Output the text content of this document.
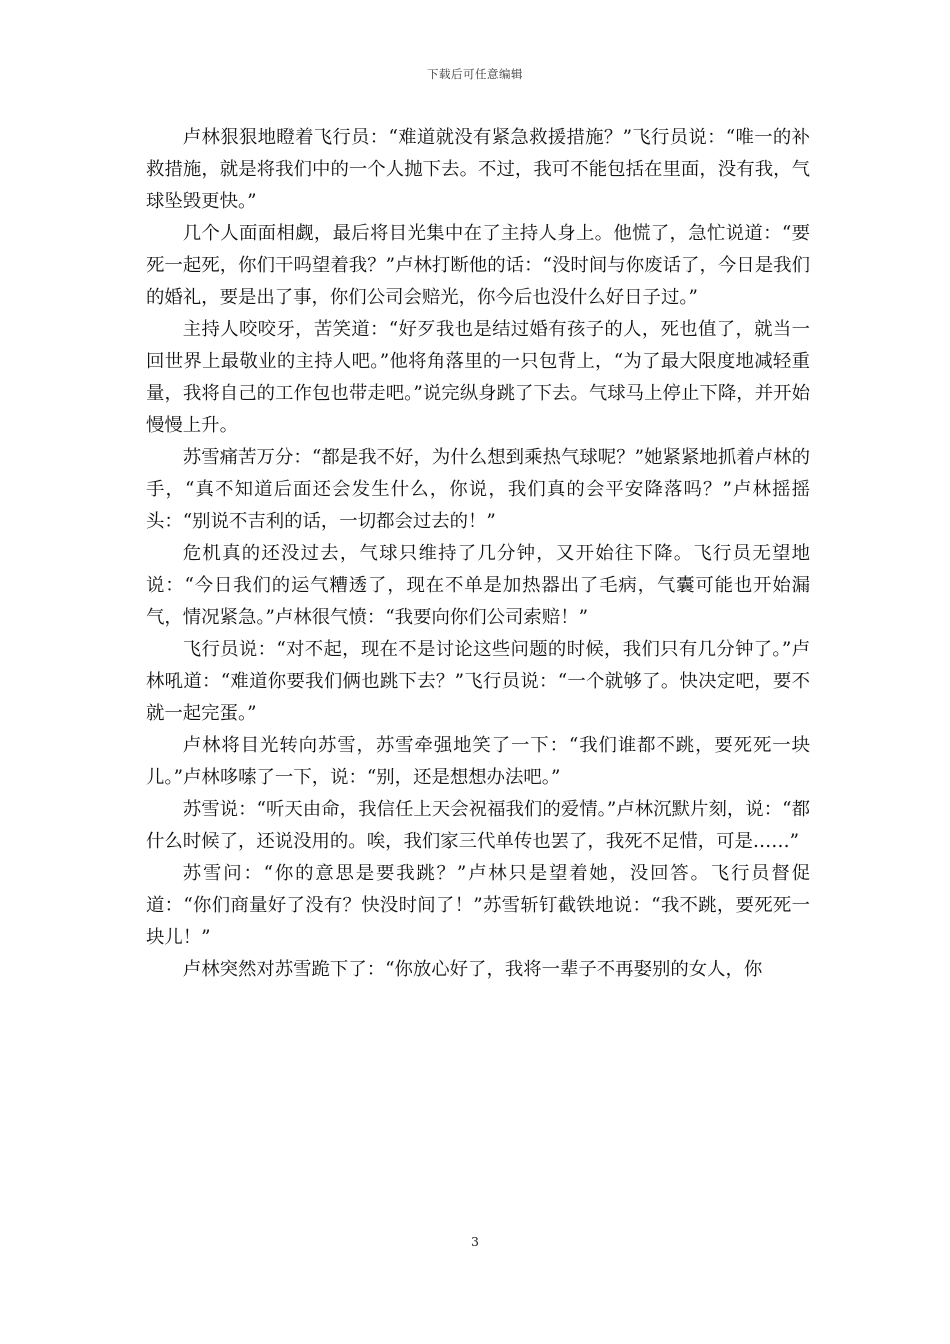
下载后可任意编辑

卢林狠狠地瞪着飞行员：“难道就没有紧急救援措施？”飞行员说：“唯一的补救措施，就是将我们中的一个人抛下去。不过，我可不能包括在里面，没有我，气球坠毁更快。”

几个人面面相觑，最后将目光集中在了主持人身上。他慌了，急忙说道：“要死一起死，你们干吗望着我？”卢林打断他的话：“没时间与你废话了，今日是我们的婚礼，要是出了事，你们公司会赔光，你今后也没什么好日子过。”

主持人咬咬牙，苦笑道：“好歹我也是结过婚有孩子的人，死也值了，就当一回世界上最敬业的主持人吧。”他将角落里的一只包背上，“为了最大限度地减轻重量，我将自己的工作包也带走吧。”说完纵身跳了下去。气球马上停止下降，并开始慢慢上升。

苏雪痛苦万分：“都是我不好，为什么想到乘热气球呢？”她紧紧地抓着卢林的手，“真不知道后面还会发生什么，你说，我们真的会平安降落吗？”卢林摇摇头：“别说不吉利的话，一切都会过去的！”

危机真的还没过去，气球只维持了几分钟，又开始往下降。飞行员无望地说：“今日我们的运气糟透了，现在不单是加热器出了毛病，气囊可能也开始漏气，情况紧急。”卢林很气愤：“我要向你们公司索赔！”

飞行员说：“对不起，现在不是讨论这些问题的时候，我们只有几分钟了。”卢林吼道：“难道你要我们俩也跳下去？”飞行员说：“一个就够了。快决定吧，要不就一起完蛋。”

卢林将目光转向苏雪，苏雪牵强地笑了一下：“我们谁都不跳，要死死一块儿。”卢林哆嗦了一下，说：“别，还是想想办法吧。”

苏雪说：“听天由命，我信任上天会祝福我们的爱情。”卢林沉默片刻，说：“都什么时候了，还说没用的。唉，我们家三代单传也罢了，我死不足惜，可是……”

苏雪问：“你的意思是要我跳？”卢林只是望着她，没回答。飞行员督促道：“你们商量好了没有？快没时间了！”苏雪斩钉截铁地说：“我不跳，要死死一块儿！”

卢林突然对苏雪跪下了：“你放心好了，我将一辈子不再娶别的女人，你

3
